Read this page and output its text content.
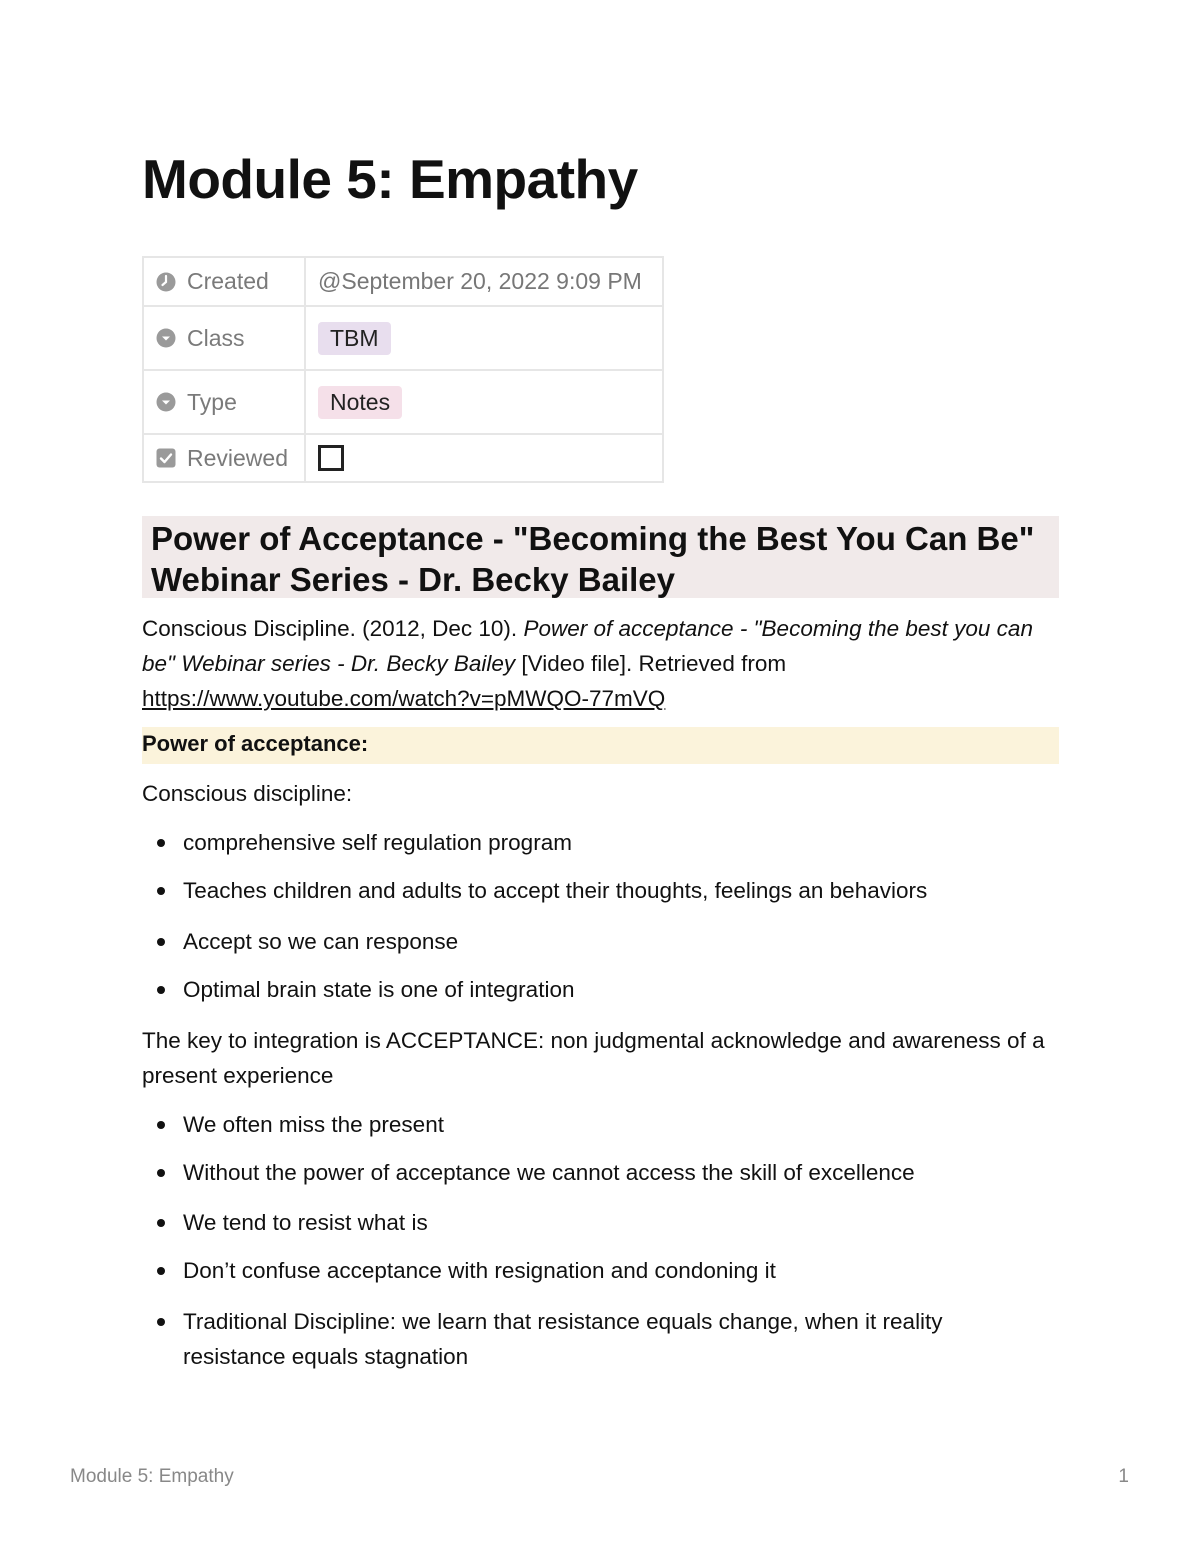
Module 5: Empathy
Created	@September 20, 2022 9:09 PM

Class	TBM

Type	Notes

Reviewed	

Power of Acceptance - "Becoming the Best You Can Be" Webinar Series - Dr. Becky Bailey

Conscious Discipline. (2012, Dec 10). Power of acceptance - "Becoming the best you can be" Webinar series - Dr. Becky Bailey [Video file]. Retrieved from https://www.youtube.com/watch?v=pMWQO-77mVQ

Power of acceptance:

Conscious discipline:

comprehensive self regulation program
Teaches children and adults to accept their thoughts, feelings an behaviors
Accept so we can response
Optimal brain state is one of integration

The key to integration is ACCEPTANCE: non judgmental acknowledge and awareness of a present experience

We often miss the present
Without the power of acceptance we cannot access the skill of excellence
We tend to resist what is
Don’t confuse acceptance with resignation and condoning it
Traditional Discipline: we learn that resistance equals change, when it reality resistance equals stagnation
Module 5: Empathy	1
